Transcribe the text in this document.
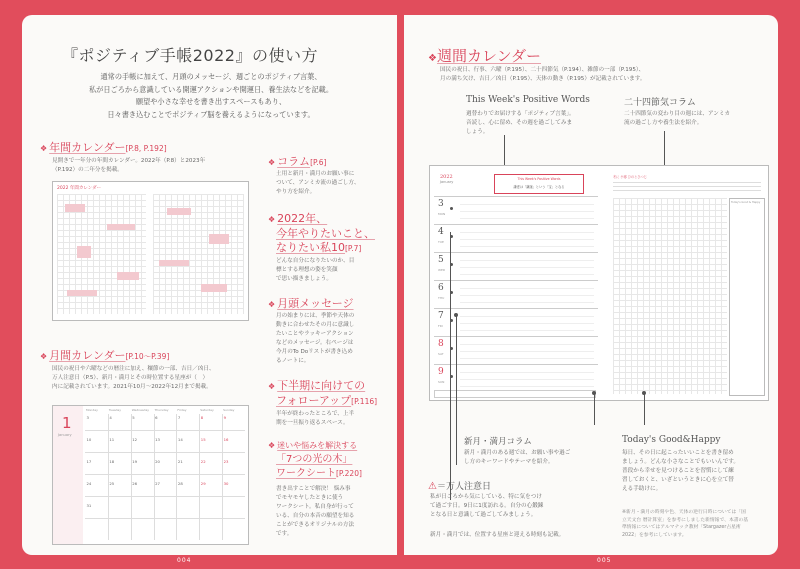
『ポジティブ手帳2022』の使い方
通常の手帳に加えて、月頭のメッセージ、週ごとのポジティブ言葉、
私が日ごろから意識している開運アクションや開運日、養生法などを記載。
願望や小さな幸せを書き出すスペースもあり、
日々書き込むことでポジティブ脳を養えるようになっています。
❖ 年間カレンダー[P.8, P.192]
見開きで一年分の年間カレンダー。2022年（P.8）と2023年
（P.192）の二年分を掲載。
2022 年間カレンダー
❖ 月間カレンダー[P.10～P.39]
国民の祝日や六曜などの暦注に加え、穰節の一部、吉日／凶日、
万人注意日（P.5）、新月・満月とその時位置する星座が（　）
内に記載されています。2021年10月～2022年12月まで掲載。
1
January
Monday	Tuesday	Wednesday Thursday	Friday	Saturday	Sunday
3	4	5	6	7	8	9
10	11	12	13	14	15	16
17	18	19	20	21	22	23
24	25	26	27	28	29	30
31
❖ コラム[P.6]
土用と新月・満月のお願い事に
ついて、アンミカ流の過ごし方、
やり方を紹介。
❖ 2022年、
今年やりたいこと、
なりたい私10[P.7]
どんな自分になりたいのか、目
標とする理想の姿を笑顔
で思い描きましょう。
❖ 月頭メッセージ
月の始まりには、季節や天体の
動きに合わせたその月に意識し
たいことやラッキーアクション
などのメッセージ。右ページは
今月のTo Doリストが書き込め
るノートに。
❖ 下半期に向けての
フォローアップ[P.116]
半年が終わったところで、上半
期を一旦振り返るスペース。
❖ 迷いや悩みを解決する
「7つの光の木」
ワークシート[P.220]
書き出すことで解決！ 悩み事
でモヤモヤしたときに使う
ワークシート。私自身が行って
いる、自分の本音の願望を知る
ことができるオリジナルの方法
です。
004
❖週間カレンダー
国民の祝日、行事、六曜（P.195）、二十四節気（P.194）、雑節の一部（P.195）、
月の満ち欠け、吉日／凶日（P.195）、天体の動き（P.195）が記載されています。
This Week's Positive Words
週替わりでお届けする「ポジティブ言葉」。
音読し、心に留め、その週を過ごしてみま
しょう。
二十四節気コラム
二十四節気の変わり目の週には、アンミカ
流の過ごし方や養生法を紹介。
2022
January
This Week's Positive Words
謙虚は「謙譲」という「宝」となる
3
MON
4
TUE
5
WED
6
THU
7
FRI
8
SAT
9
SUN
冬に 小寒 ひのとひつじ
Today's Good & Happy
新月・満月コラム
新月・満月のある週では、お願い事や過ご
し方のキーワードやテーマを紹介。
⚠＝万人注意日
私が日ごろから気にしている、特に気をつけ
て過ごす日。9日に1度訪れる。自分の心鍛錬
となる日と意識して過ごしてみましょう。
新月・満月では、位置する星座と迎える時刻も記載。
Today's Good&Happy
毎日、その日に起こったいいことを書き留め
ましょう。どんな小さなことでもいいんです。
普段から幸せを見つけることを習慣にして練
習しておくと、いざというときに心を立て替
える手助けに。
※新月・満月の時刻や色、天体の逆行日時については「国
立天文台 暦計算室」を参考にしました新情報で、本書の基
準情報についてはアルマナック教材「Stargazer占星術
2022」を参考にしています。
005
